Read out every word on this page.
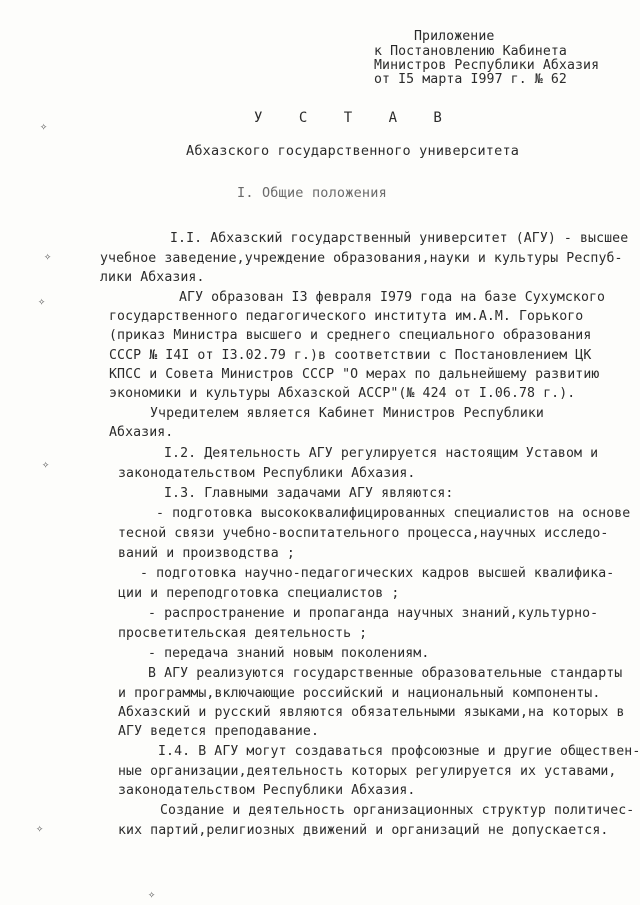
Приложение
к Постановлению Кабинета
Министров Республики Абхазия
от I5 марта I997 г. № 62
У С Т А В
Абхазского государственного университета
I. Общие положения
I.I. Абхазский государственный университет (АГУ) - высшее
учебное заведение,учреждение образования,науки и культуры Респуб-
лики Абхазия.
АГУ образован I3 февраля I979 года на базе Сухумского
государственного педагогического института им.А.М. Горького
(приказ Министра высшего и среднего специального образования
СССР № I4I от I3.02.79 г.)в соответствии с Постановлением ЦК
КПСС и Совета Министров СССР "О мерах по дальнейшему развитию
экономики и культуры Абхазской АССР"(№ 424 от I.06.78 г.).
Учредителем является Кабинет Министров Республики
Абхазия.
I.2. Деятельность АГУ регулируется настоящим Уставом и
законодательством Республики Абхазия.
I.3. Главными задачами АГУ являются:
- подготовка высококвалифицированных специалистов на основе
тесной связи учебно-воспитательного процесса,научных исследо-
ваний и производства ;
- подготовка научно-педагогических кадров высшей квалифика-
ции и переподготовка специалистов ;
- распространение и пропаганда научных знаний,культурно-
просветительская деятельность ;
- передача знаний новым поколениям.
В АГУ реализуются государственные образовательные стандарты
и программы,включающие российский и национальный компоненты.
Абхазский и русский являются обязательными языками,на которых в
АГУ ведется преподавание.
I.4. В АГУ могут создаваться профсоюзные и другие обществен-
ные организации,деятельность которых регулируется их уставами,
законодательством Республики Абхазия.
Создание и деятельность организационных структур политичес-
ких партий,религиозных движений и организаций не допускается.
✧
✧
✧
✧
✧
✧
